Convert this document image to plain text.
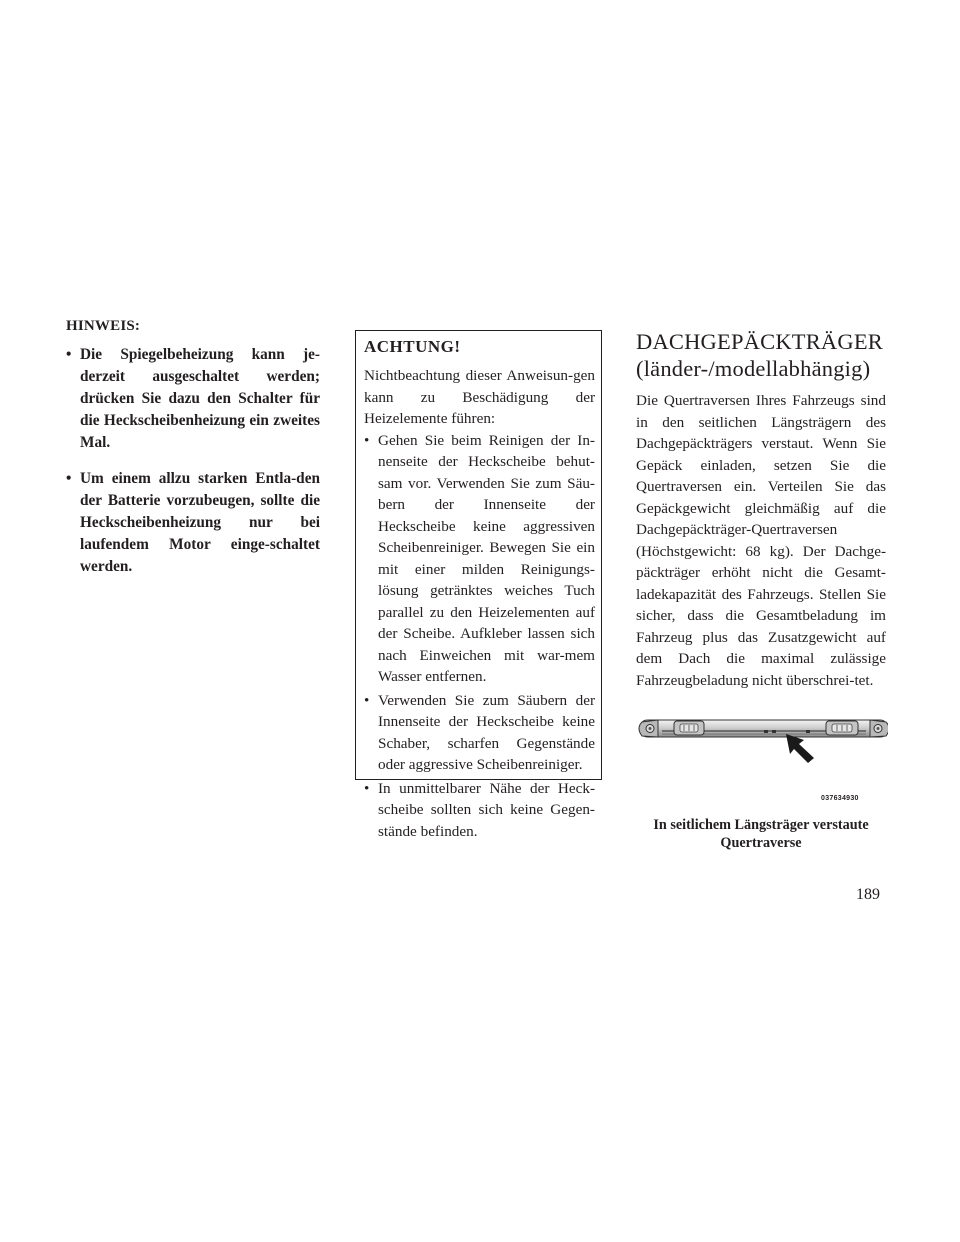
HINWEIS:
• Die Spiegelbeheizung kann je-derzeit ausgeschaltet werden; drücken Sie dazu den Schalter für die Heckscheibenheizung ein zweites Mal.
• Um einem allzu starken Entla-den der Batterie vorzubeugen, sollte die Heckscheibenheizung nur bei laufendem Motor einge-schaltet werden.
ACHTUNG!

Nichtbeachtung dieser Anweisun-gen kann zu Beschädigung der Heizelemente führen:

• Gehen Sie beim Reinigen der In-nenseite der Heckscheibe behut-sam vor. Verwenden Sie zum Säu-bern der Innenseite der Heckscheibe keine aggressiven Scheibenreiniger. Bewegen Sie ein mit einer milden Reinigungs-lösung getränktes weiches Tuch parallel zu den Heizelementen auf der Scheibe. Aufkleber lassen sich nach Einweichen mit war-mem Wasser entfernen.
• Verwenden Sie zum Säubern der Innenseite der Heckscheibe keine Schaber, scharfen Gegenstände oder aggressive Scheibenreiniger.
• In unmittelbarer Nähe der Heck-scheibe sollten sich keine Gegen-stände befinden.
DACHGEPÄCKTRÄGER
(länder-/modellabhängig)

Die Quertraversen Ihres Fahrzeugs sind in den seitlichen Längsträgern des Dachgepäckträgers verstaut. Wenn Sie Gepäck einladen, setzen Sie die Quertraversen ein. Verteilen Sie das Gepäckgewicht gleichmäßig auf die Dachgepäckträger-Quertraversen (Höchstgewicht: 68 kg). Der Dachge-päckträger erhöht nicht die Gesamt-ladekapazität des Fahrzeugs. Stellen Sie sicher, dass die Gesamtbeladung im Fahrzeug plus das Zusatzgewicht auf dem Dach die maximal zulässige Fahrzeugbeladung nicht überschrei-tet.

037634930

In seitlichem Längsträger verstaute
Quertraverse

189
